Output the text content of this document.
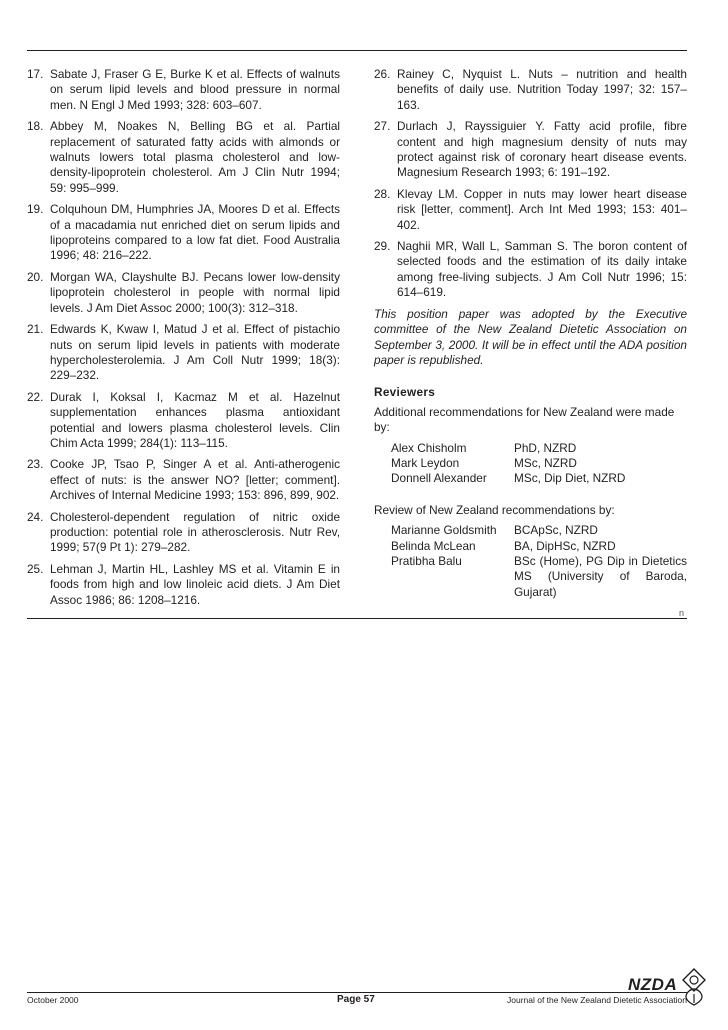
17. Sabate J, Fraser G E, Burke K et al. Effects of walnuts on serum lipid levels and blood pressure in normal men. N Engl J Med 1993; 328: 603–607.
18. Abbey M, Noakes N, Belling BG et al. Partial replacement of saturated fatty acids with almonds or walnuts lowers total plasma cholesterol and low-density-lipoprotein cholesterol. Am J Clin Nutr 1994; 59: 995–999.
19. Colquhoun DM, Humphries JA, Moores D et al. Effects of a macadamia nut enriched diet on serum lipids and lipoproteins compared to a low fat diet. Food Australia 1996; 48: 216–222.
20. Morgan WA, Clayshulte BJ. Pecans lower low-density lipoprotein cholesterol in people with normal lipid levels. J Am Diet Assoc 2000; 100(3): 312–318.
21. Edwards K, Kwaw I, Matud J et al. Effect of pistachio nuts on serum lipid levels in patients with moderate hypercholesterolemia. J Am Coll Nutr 1999; 18(3): 229–232.
22. Durak I, Koksal I, Kacmaz M et al. Hazelnut supplementation enhances plasma antioxidant potential and lowers plasma cholesterol levels. Clin Chim Acta 1999; 284(1): 113–115.
23. Cooke JP, Tsao P, Singer A et al. Anti-atherogenic effect of nuts: is the answer NO? [letter; comment]. Archives of Internal Medicine 1993; 153: 896, 899, 902.
24. Cholesterol-dependent regulation of nitric oxide production: potential role in atherosclerosis. Nutr Rev, 1999; 57(9 Pt 1): 279–282.
25. Lehman J, Martin HL, Lashley MS et al. Vitamin E in foods from high and low linoleic acid diets. J Am Diet Assoc 1986; 86: 1208–1216.
26. Rainey C, Nyquist L. Nuts – nutrition and health benefits of daily use. Nutrition Today 1997; 32: 157–163.
27. Durlach J, Rayssiguier Y. Fatty acid profile, fibre content and high magnesium density of nuts may protect against risk of coronary heart disease events. Magnesium Research 1993; 6: 191–192.
28. Klevay LM. Copper in nuts may lower heart disease risk [letter, comment]. Arch Int Med 1993; 153: 401–402.
29. Naghii MR, Wall L, Samman S. The boron content of selected foods and the estimation of its daily intake among free-living subjects. J Am Coll Nutr 1996; 15: 614–619.

This position paper was adopted by the Executive committee of the New Zealand Dietetic Association on September 3, 2000. It will be in effect until the ADA position paper is republished.

Reviewers

Additional recommendations for New Zealand were made by:

Alex Chisholm	PhD, NZRD
Mark Leydon	MSc, NZRD
Donnell Alexander	MSc, Dip Diet, NZRD

Review of New Zealand recommendations by:

Marianne Goldsmith	BCApSc, NZRD
Belinda McLean	BA, DipHSc, NZRD
Pratibha Balu	BSc (Home), PG Dip in Dietetics MS (University of Baroda, Gujarat)
n
NZDA
October 2000	Page 57	Journal of the New Zealand Dietetic Association
